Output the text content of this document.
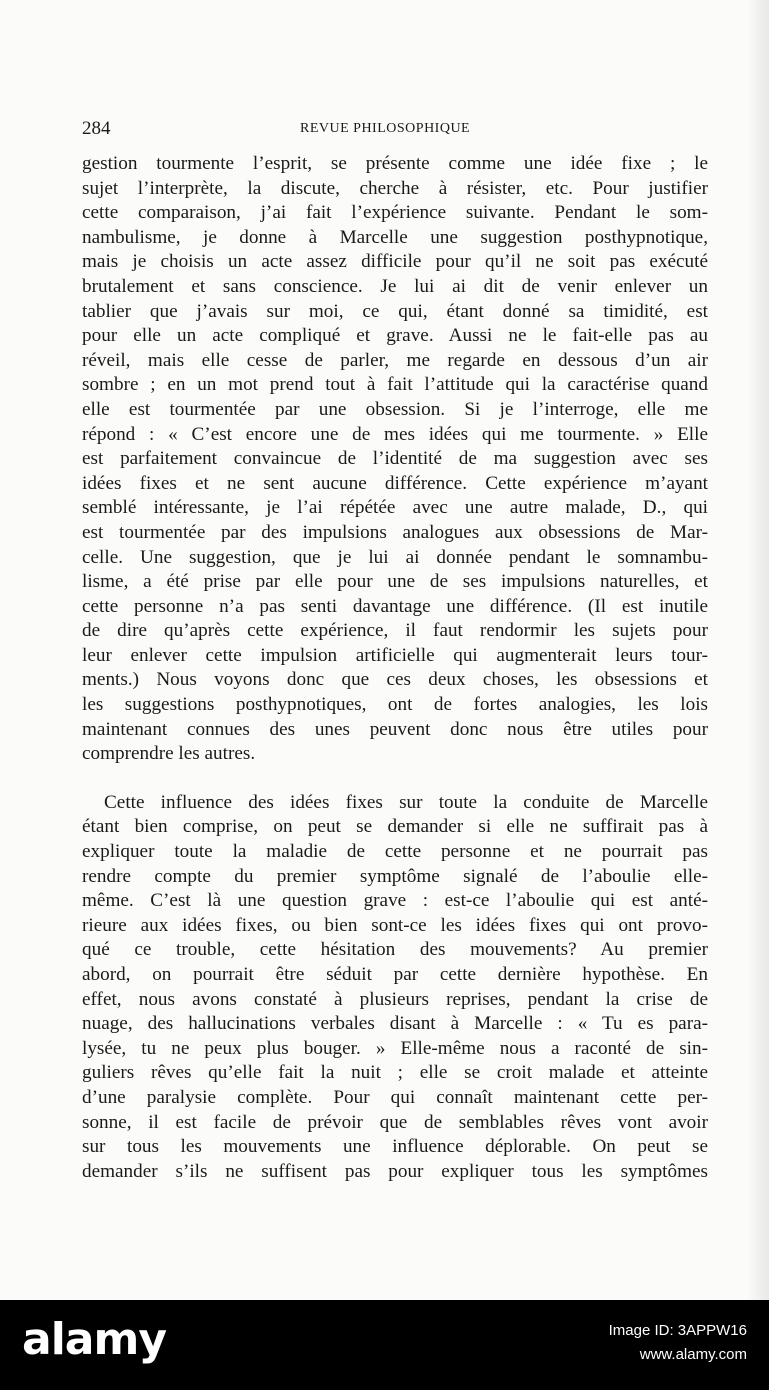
284	REVUE PHILOSOPHIQUE

gestion tourmente l’esprit, se présente comme une idée fixe ; le
sujet l’interprète, la discute, cherche à résister, etc. Pour justifier
cette comparaison, j’ai fait l’expérience suivante. Pendant le som-
nambulisme, je donne à Marcelle une suggestion posthypnotique,
mais je choisis un acte assez difficile pour qu’il ne soit pas exécuté
brutalement et sans conscience. Je lui ai dit de venir enlever un
tablier que j’avais sur moi, ce qui, étant donné sa timidité, est
pour elle un acte compliqué et grave. Aussi ne le fait-elle pas au
réveil, mais elle cesse de parler, me regarde en dessous d’un air
sombre ; en un mot prend tout à fait l’attitude qui la caractérise quand
elle est tourmentée par une obsession. Si je l’interroge, elle me
répond : « C’est encore une de mes idées qui me tourmente. » Elle
est parfaitement convaincue de l’identité de ma suggestion avec ses
idées fixes et ne sent aucune différence. Cette expérience m’ayant
semblé intéressante, je l’ai répétée avec une autre malade, D., qui
est tourmentée par des impulsions analogues aux obsessions de Mar-
celle. Une suggestion, que je lui ai donnée pendant le somnambu-
lisme, a été prise par elle pour une de ses impulsions naturelles, et
cette personne n’a pas senti davantage une différence. (Il est inutile
de dire qu’après cette expérience, il faut rendormir les sujets pour
leur enlever cette impulsion artificielle qui augmenterait leurs tour-
ments.) Nous voyons donc que ces deux choses, les obsessions et
les suggestions posthypnotiques, ont de fortes analogies, les lois
maintenant connues des unes peuvent donc nous être utiles pour
comprendre les autres.

Cette influence des idées fixes sur toute la conduite de Marcelle
étant bien comprise, on peut se demander si elle ne suffirait pas à
expliquer toute la maladie de cette personne et ne pourrait pas
rendre compte du premier symptôme signalé de l’aboulie elle-
même. C’est là une question grave : est-ce l’aboulie qui est anté-
rieure aux idées fixes, ou bien sont-ce les idées fixes qui ont provo-
qué ce trouble, cette hésitation des mouvements? Au premier
abord, on pourrait être séduit par cette dernière hypothèse. En
effet, nous avons constaté à plusieurs reprises, pendant la crise de
nuage, des hallucinations verbales disant à Marcelle : « Tu es para-
lysée, tu ne peux plus bouger. » Elle-même nous a raconté de sin-
guliers rêves qu’elle fait la nuit ; elle se croit malade et atteinte
d’une paralysie complète. Pour qui connaît maintenant cette per-
sonne, il est facile de prévoir que de semblables rêves vont avoir
sur tous les mouvements une influence déplorable. On peut se
demander s’ils ne suffisent pas pour expliquer tous les symptômes

alamy	Image ID: 3APPW16
www.alamy.com
